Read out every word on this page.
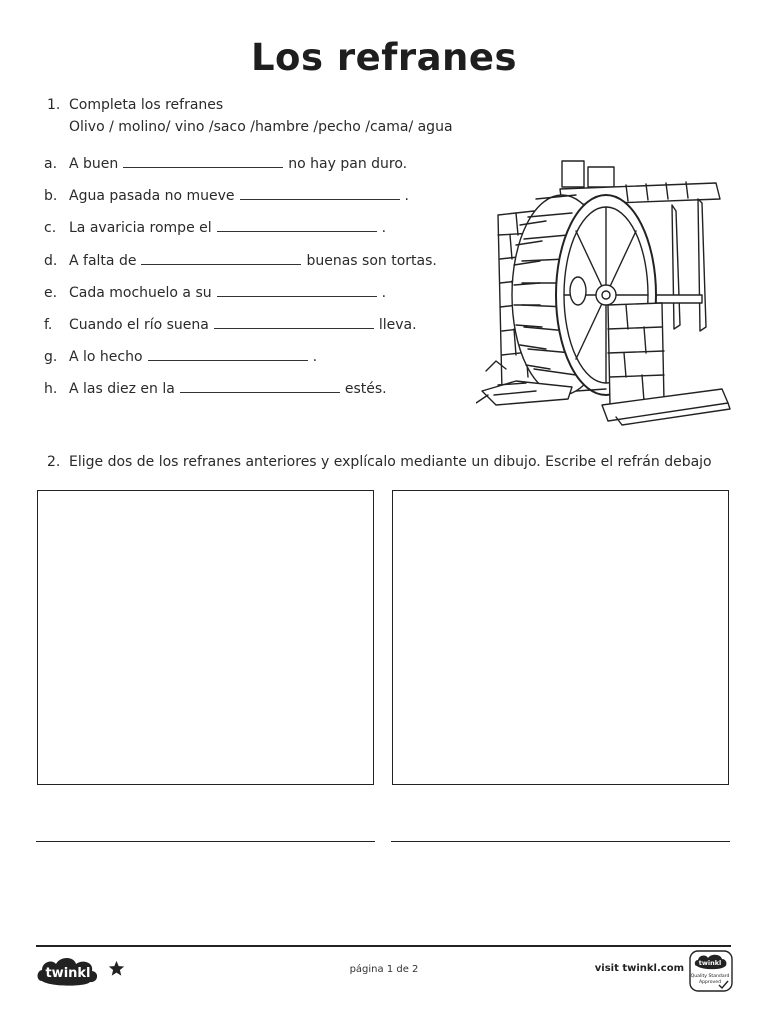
Los refranes
1. Completa los refranes
Olivo / molino/ vino /saco /hambre /pecho /cama/ agua
a. A buen	no hay pan duro.
b. Agua pasada no mueve	.
c. La avaricia rompe el	.
d. A falta de	buenas son tortas.
e. Cada mochuelo a su	.
f.	Cuando el río suena	lleva.
g. A lo hecho	.
h. A las diez en la	estés.
2. Elige dos de los refranes anteriores y explícalo mediante un dibujo. Escribe el refrán debajo
twinkl	página 1 de 2	visit twinkl.com twinkl
Quality Standard
Approved
